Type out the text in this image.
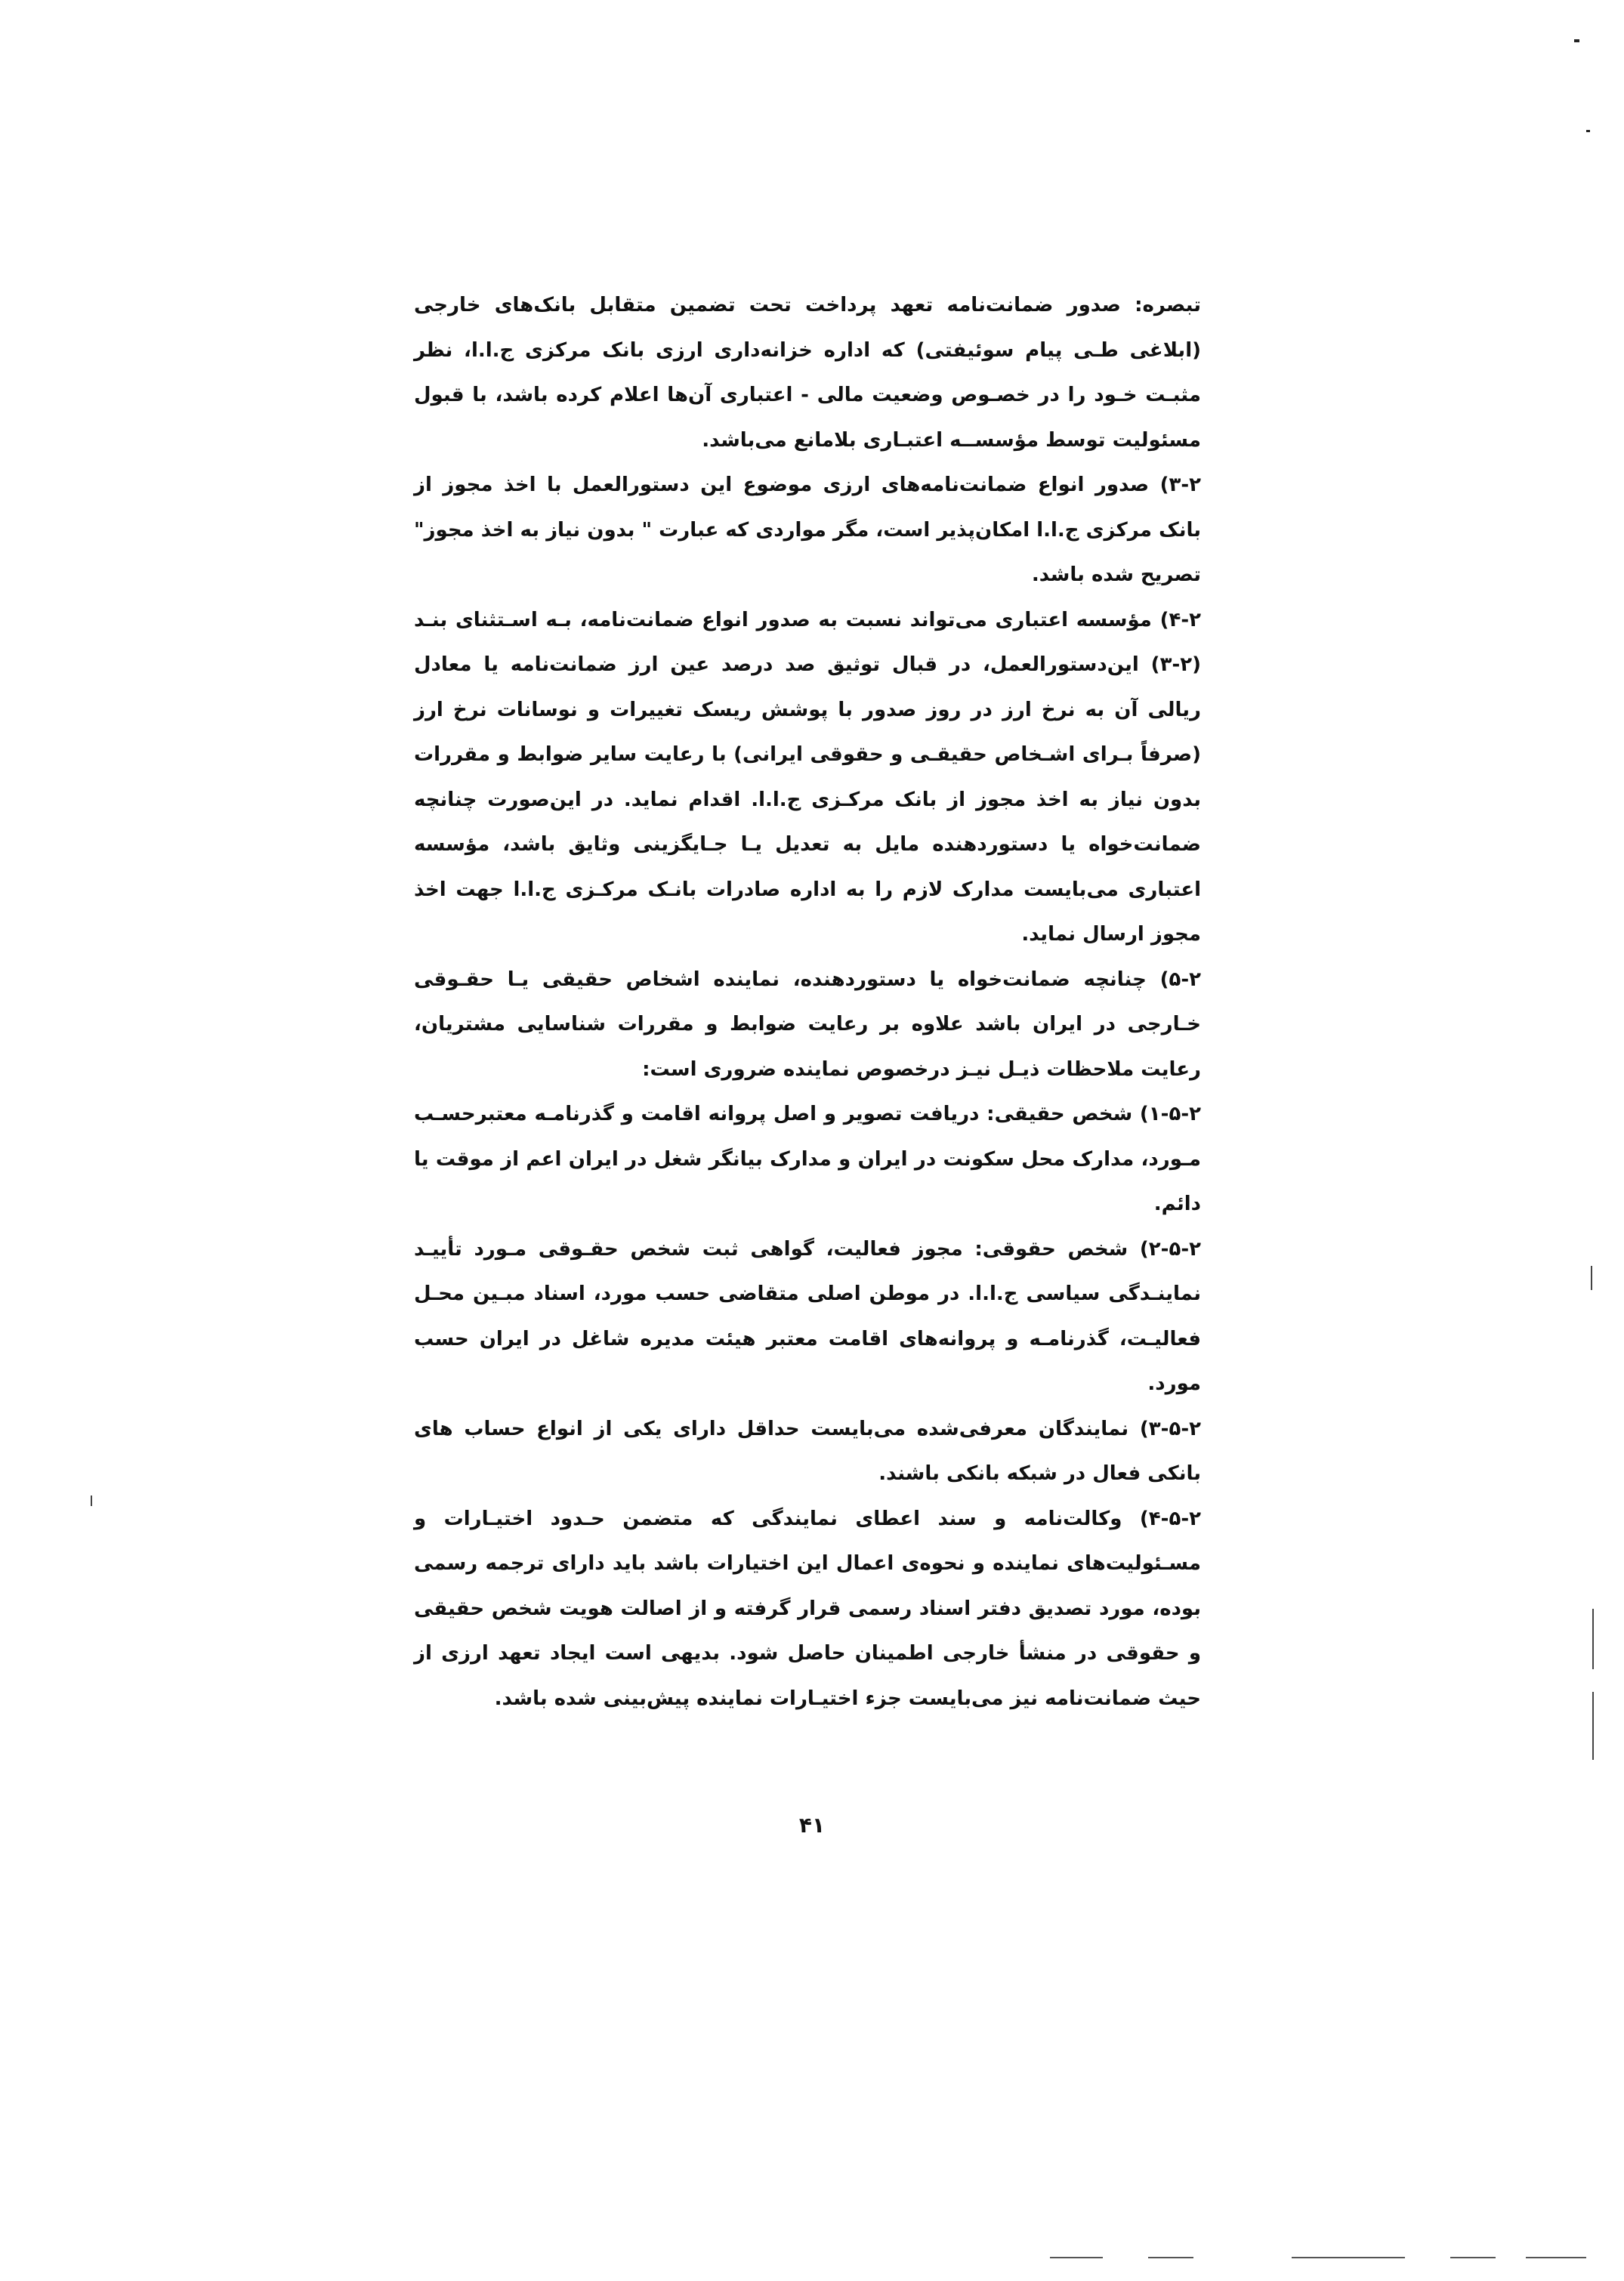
تبصره: صدور ضمانت‌نامه تعهد پرداخت تحت تضمین متقابل بانک‌های خارجی (ابلاغی طـی پیام سوئیفتی) که اداره خزانه‌داری ارزی بانک مرکزی ج.ا.ا، نظر مثبـت خـود را در خصـوص وضعیت مالی - اعتباری آن‌ها اعلام کرده باشد، با قبول مسئولیت توسط مؤسســه اعتبـاری بلامانع می‌باشد.

۳-۲) صدور انواع ضمانت‌نامه‌های ارزی موضوع این دستورالعمل با اخذ مجوز از بانک مرکزی ج.ا.ا امکان‌پذیر است، مگر مواردی که عبارت " بدون نیاز به اخذ مجوز" تصریح شده باشد.

۴-۲) مؤسسه اعتباری می‌تواند نسبت به صدور انواع ضمانت‌نامه، بـه اسـتثنای بنـد (۲-۳) این‌دستورالعمل، در قبال توثیق صد درصد عین ارز ضمانت‌نامه یا معادل ریالی آن به نرخ ارز در روز صدور با پوشش ریسک تغییرات و نوسانات نرخ ارز (صرفاً بـرای اشـخاص حقیقـی و حقوقی ایرانی) با رعایت سایر ضوابط و مقررات بدون نیاز به اخذ مجوز از بانک مرکـزی ج.ا.ا. اقدام نماید. در این‌صورت چنانچه ضمانت‌خواه یا دستوردهنده مایل به تعدیل یـا جـایگزینی وثایق باشد، مؤسسه اعتباری می‌بایست مدارک لازم را به اداره صادرات بانـک مرکـزی ج.ا.ا جهت اخذ مجوز ارسال نماید.

۵-۲) چنانچه ضمانت‌خواه یا دستوردهنده، نماینده اشخاص حقیقی یـا حقـوقی خـارجی در ایران باشد علاوه بر رعایت ضوابط و مقررات شناسایی مشتریان، رعایت ملاحظات ذیـل نیـز درخصوص نماینده ضروری است:

۱-۵-۲) شخص حقیقی: دریافت تصویر و اصل پروانه اقامت و گذرنامـه معتبرحسـب مـورد، مدارک محل سکونت در ایران و مدارک بیانگر شغل در ایران اعم از موقت یا دائم.

۲-۵-۲) شخص حقوقی: مجوز فعالیت، گواهی ثبت شخص حقـوقی مـورد تأییـد نماینـدگی سیاسی ج.ا.ا. در موطن اصلی متقاضی حسب مورد، اسناد مبـین محـل فعالیـت، گذرنامـه و پروانه‌های اقامت معتبر هیئت مدیره شاغل در ایران حسب مورد.

۳-۵-۲) نمایندگان معرفی‌شده می‌بایست حداقل دارای یکی از انواع حساب های بانکی فعال در شبکه بانکی باشند.

۴-۵-۲) وکالت‌نامه و سند اعطای نمایندگی که متضمن حـدود اختیـارات و مسـئولیت‌های نماینده و نحوه‌ی اعمال این اختیارات باشد باید دارای ترجمه رسمی بوده، مورد تصدیق دفتر اسناد رسمی قرار گرفته و از اصالت هویت شخص حقیقی و حقوقی در منشأ خارجی اطمینان حاصل شود. بدیهی است ایجاد تعهد ارزی از حیث ضمانت‌نامه نیز می‌بایست جزء اختیـارات نماینده پیش‌بینی شده باشد.

۴۱
